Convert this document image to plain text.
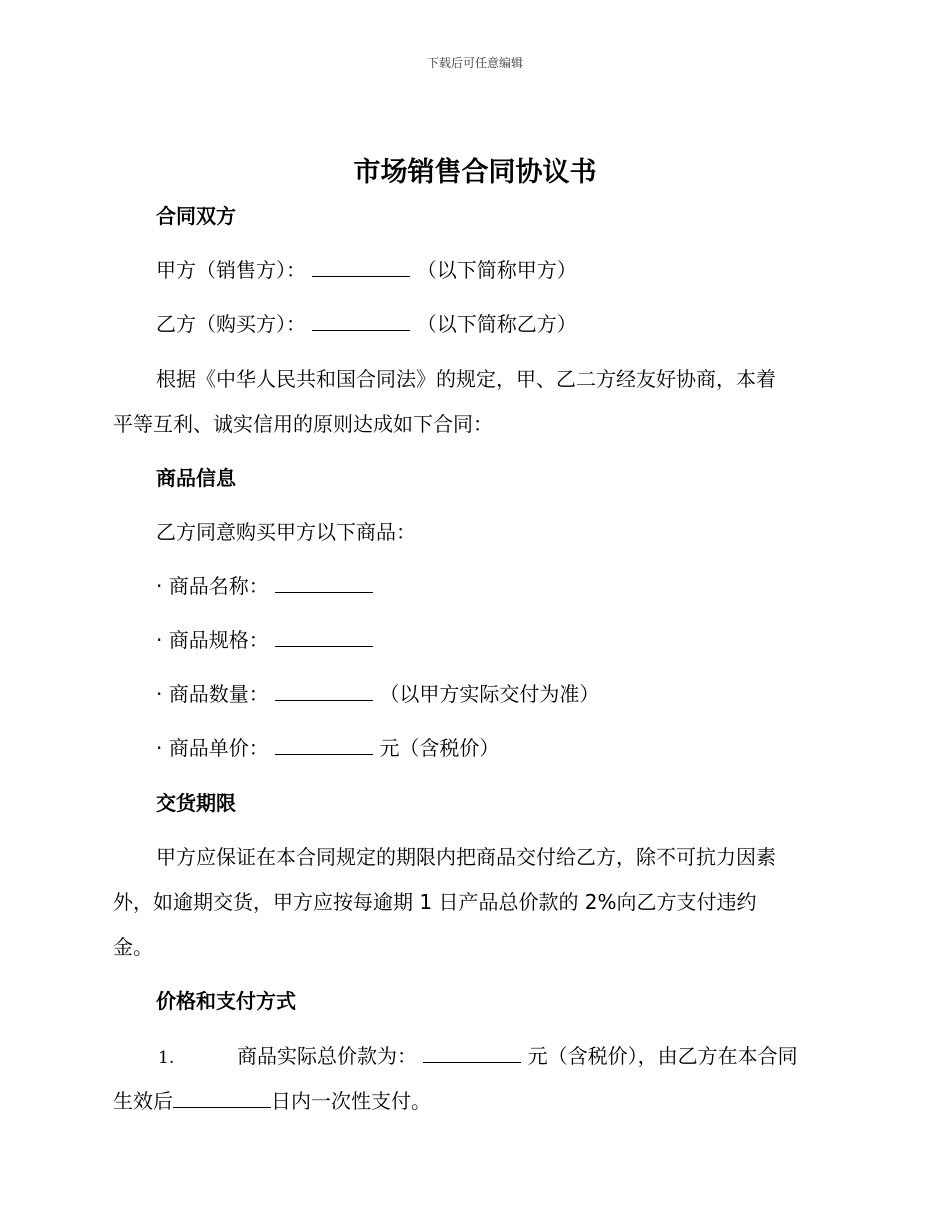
下载后可任意编辑
市场销售合同协议书
合同双方
甲方（销售方）：	（以下简称甲方）
乙方（购买方）：	（以下简称乙方）
根据《中华人民共和国合同法》的规定，甲、乙二方经友好协商，本着
平等互利、诚实信用的原则达成如下合同：
商品信息
乙方同意购买甲方以下商品：
· 商品名称：
· 商品规格：
· 商品数量：	（以甲方实际交付为准）
· 商品单价：	元（含税价）
交货期限
甲方应保证在本合同规定的期限内把商品交付给乙方，除不可抗力因素
外，如逾期交货，甲方应按每逾期 1 日产品总价款的 2%向乙方支付违约
金。
价格和支付方式
1.	商品实际总价款为：	元（含税价），由乙方在本合同
生效后	日内一次性支付。
